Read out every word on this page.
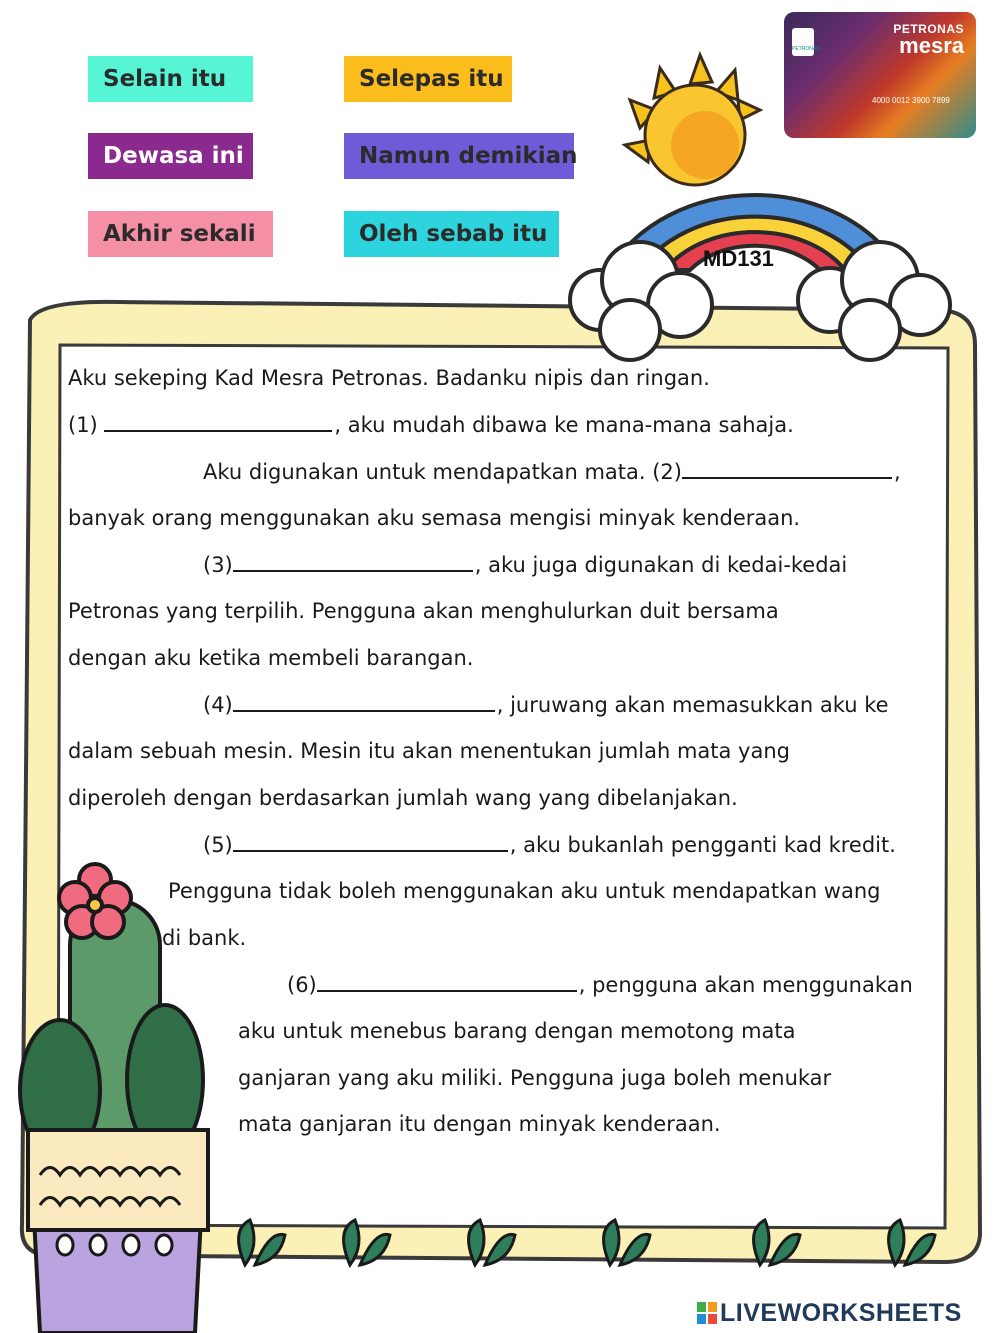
Selain itu	Selepas itu
Dewasa ini	Namun demikian
Akhir sekali	Oleh sebab itu
PETRONAS
PETRONAS
mesra
4000 0012 3900 7899
MD131
Aku sekeping Kad Mesra Petronas. Badanku nipis dan ringan.
(1)	, aku mudah dibawa ke mana-mana sahaja.
Aku digunakan untuk mendapatkan mata. (2)	,
banyak orang menggunakan aku semasa mengisi minyak kenderaan.
(3)	, aku juga digunakan di kedai-kedai
Petronas yang terpilih. Pengguna akan menghulurkan duit bersama
dengan aku ketika membeli barangan.
(4)	, juruwang akan memasukkan aku ke
dalam sebuah mesin. Mesin itu akan menentukan jumlah mata yang
diperoleh dengan berdasarkan jumlah wang yang dibelanjakan.
(5)	, aku bukanlah pengganti kad kredit.
Pengguna tidak boleh menggunakan aku untuk mendapatkan wang
di bank.
(6)	, pengguna akan menggunakan
aku untuk menebus barang dengan memotong mata
ganjaran yang aku miliki. Pengguna juga boleh menukar
mata ganjaran itu dengan minyak kenderaan.
LIVEWORKSHEETS
